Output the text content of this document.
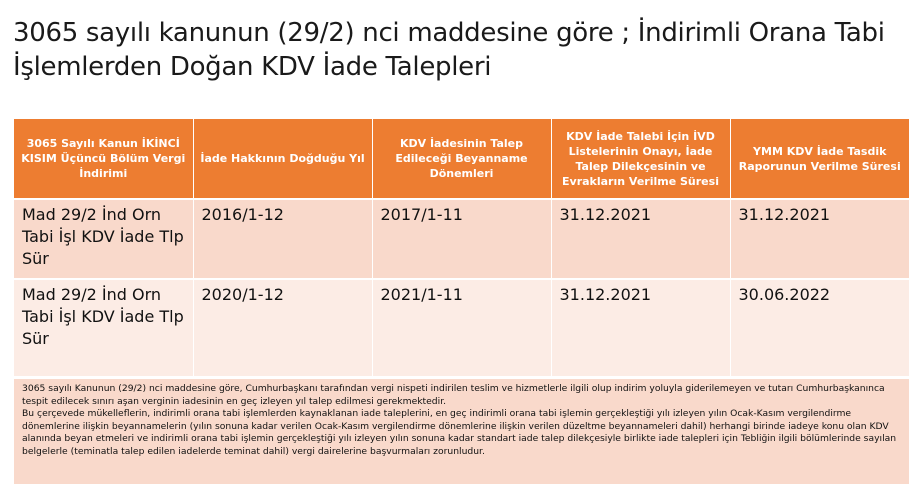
3065 sayılı kanunun (29/2) nci maddesine göre ; İndirimli Orana Tabi İşlemlerden Doğan KDV İade Talepleri
3065 Sayılı Kanun İKİNCİ KISIM Üçüncü Bölüm Vergi İndirimi	İade Hakkının Doğduğu Yıl	KDV İadesinin Talep Edileceği Beyanname Dönemleri	KDV İade Talebi İçin İVD Listelerinin Onayı, İade Talep Dilekçesinin ve Evrakların Verilme Süresi	YMM KDV İade Tasdik Raporunun Verilme Süresi
Mad 29/2 İnd Orn Tabi İşl KDV İade Tlp Sür	2016/1-12	2017/1-11	31.12.2021	31.12.2021
Mad 29/2 İnd Orn Tabi İşl KDV İade Tlp Sür	2020/1-12	2021/1-11	31.12.2021	30.06.2022

3065 sayılı Kanunun (29/2) nci maddesine göre, Cumhurbaşkanı tarafından vergi nispeti indirilen teslim ve hizmetlerle ilgili olup indirim yoluyla giderilemeyen ve tutarı Cumhurbaşkanınca tespit edilecek sınırı aşan verginin iadesinin en geç izleyen yıl talep edilmesi gerekmektedir.

Bu çerçevede mükelleflerin, indirimli orana tabi işlemlerden kaynaklanan iade taleplerini, en geç indirimli orana tabi işlemin gerçekleştiği yılı izleyen yılın Ocak-Kasım vergilendirme dönemlerine ilişkin beyannamelerin (yılın sonuna kadar verilen Ocak-Kasım vergilendirme dönemlerine ilişkin verilen düzeltme beyannameleri dahil) herhangi birinde iadeye konu olan KDV alanında beyan etmeleri ve indirimli orana tabi işlemin gerçekleştiği yılı izleyen yılın sonuna kadar standart iade talep dilekçesiyle birlikte iade talepleri için Tebliğin ilgili bölümlerinde sayılan belgelerle (teminatla talep edilen iadelerde teminat dahil) vergi dairelerine başvurmaları zorunludur.
